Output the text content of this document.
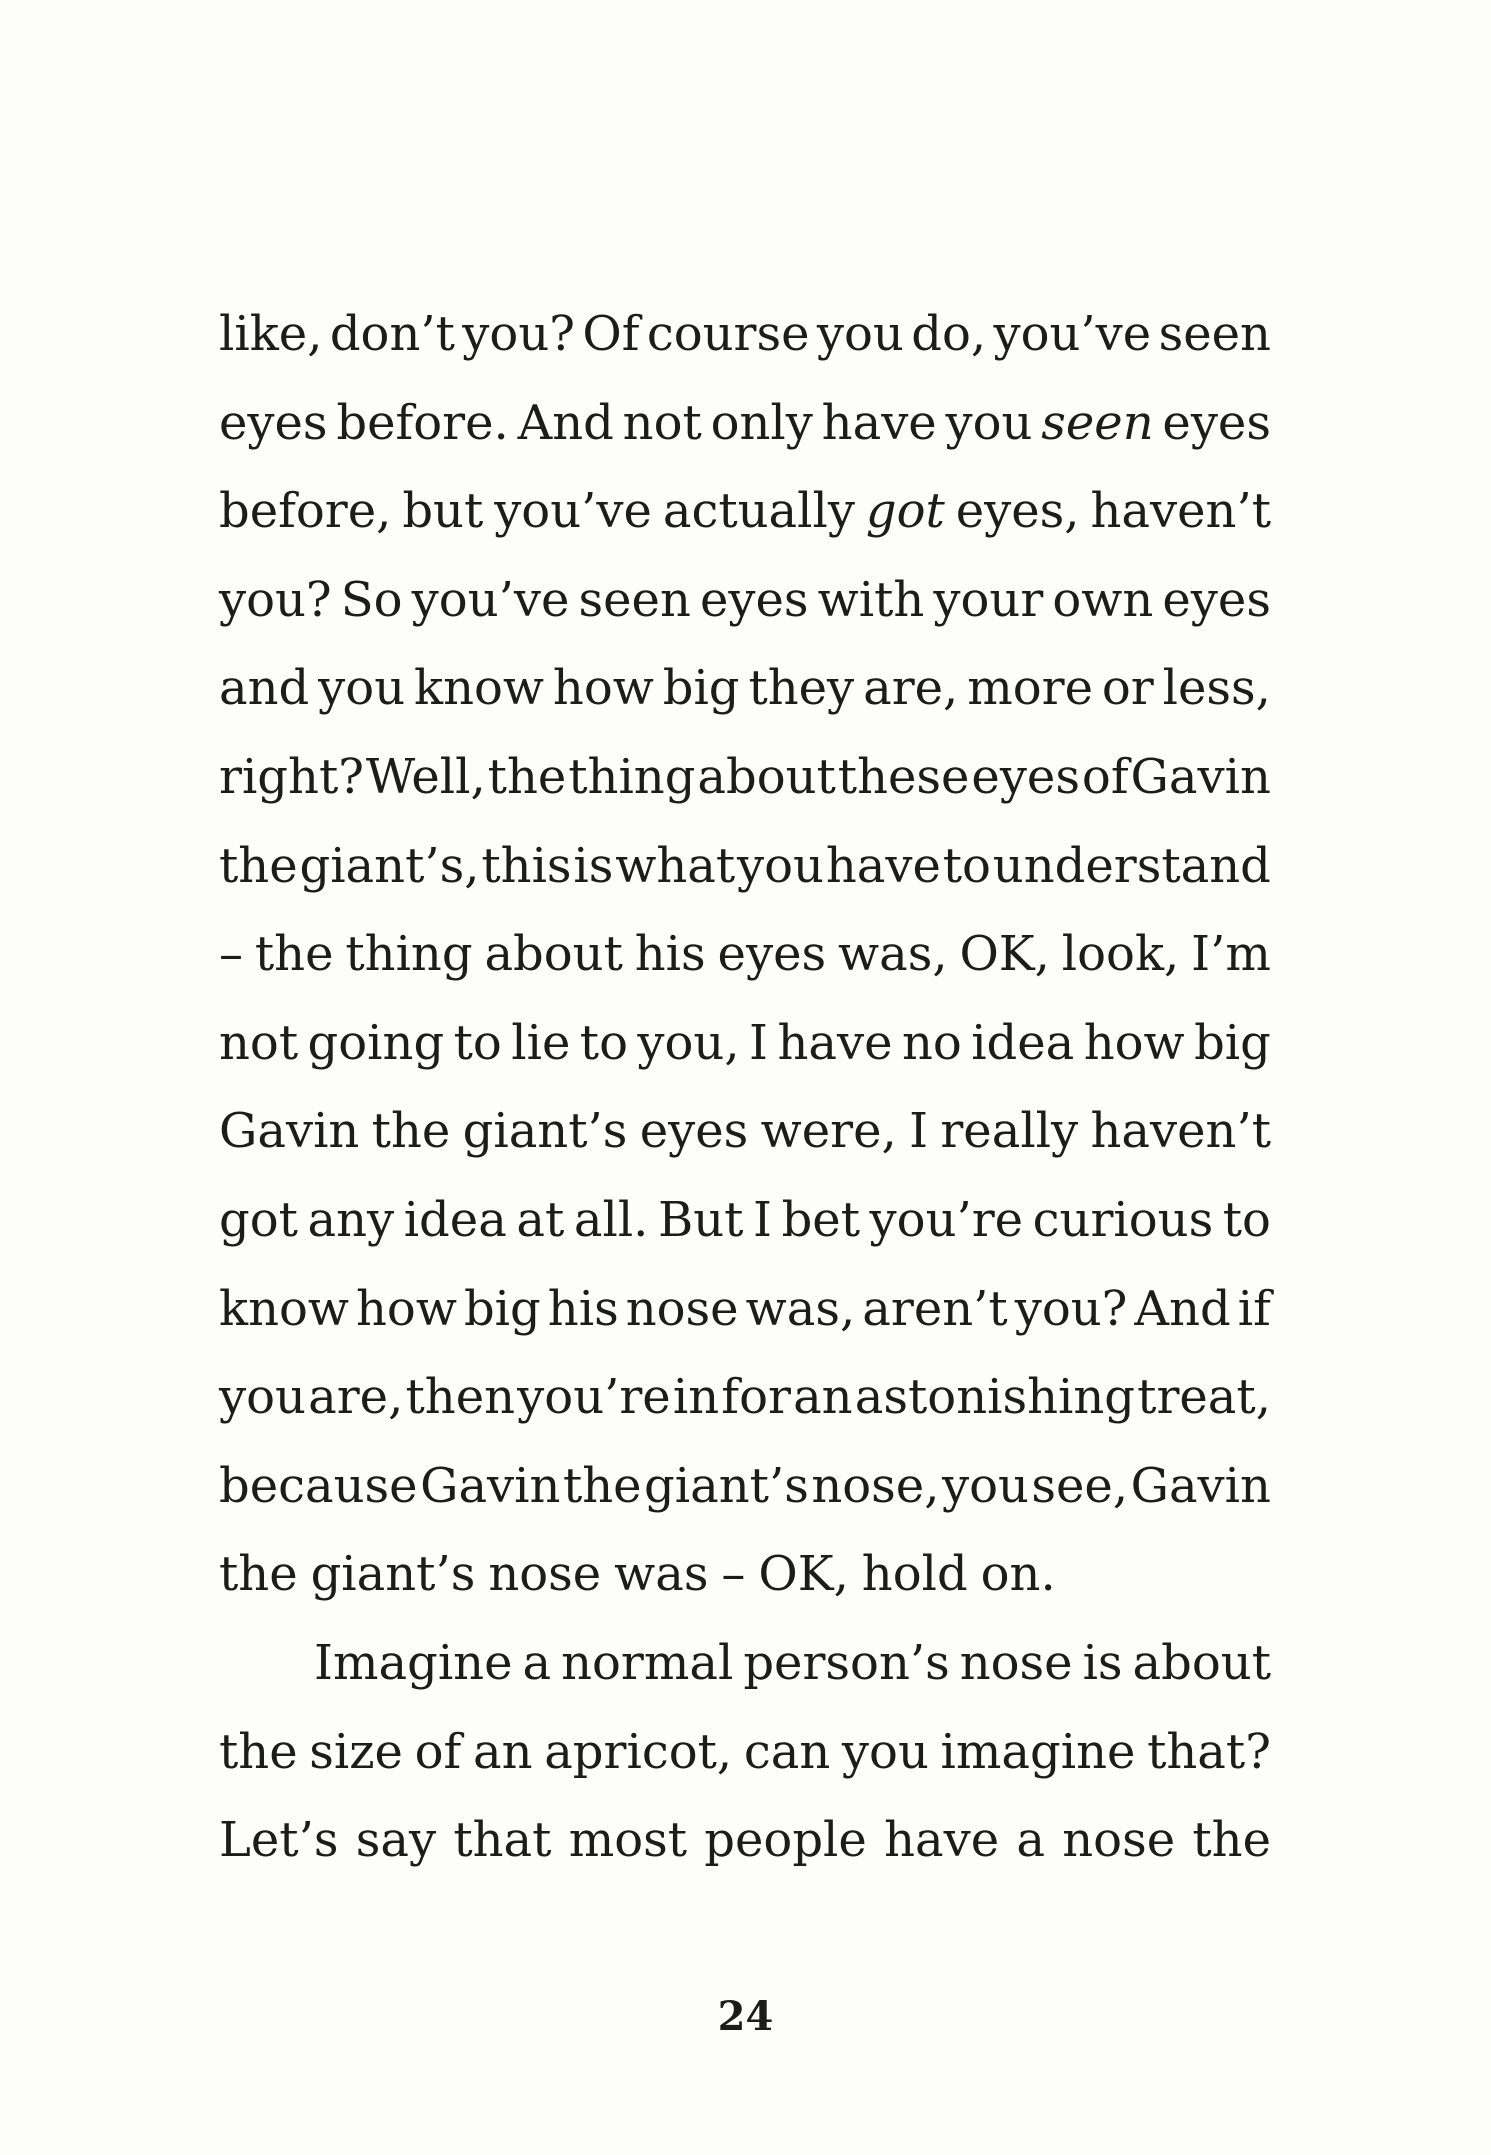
like, don’t you? Of course you do, you’ve seen
eyes before. And not only have you seen eyes
before, but you’ve actually got eyes, haven’t
you? So you’ve seen eyes with your own eyes
and you know how big they are, more or less,
right? Well, the thing about these eyes of Gavin
the giant’s, this is what you have to understand
– the thing about his eyes was, OK, look, I’m
not going to lie to you, I have no idea how big
Gavin the giant’s eyes were, I really haven’t
got any idea at all. But I bet you’re curious to
know how big his nose was, aren’t you? And if
you are, then you’re in for an astonishing treat,
because Gavin the giant’s nose, you see, Gavin
the giant’s nose was – OK, hold on.
Imagine a normal person’s nose is about
the size of an apricot, can you imagine that?
Let’s say that most people have a nose the
24
